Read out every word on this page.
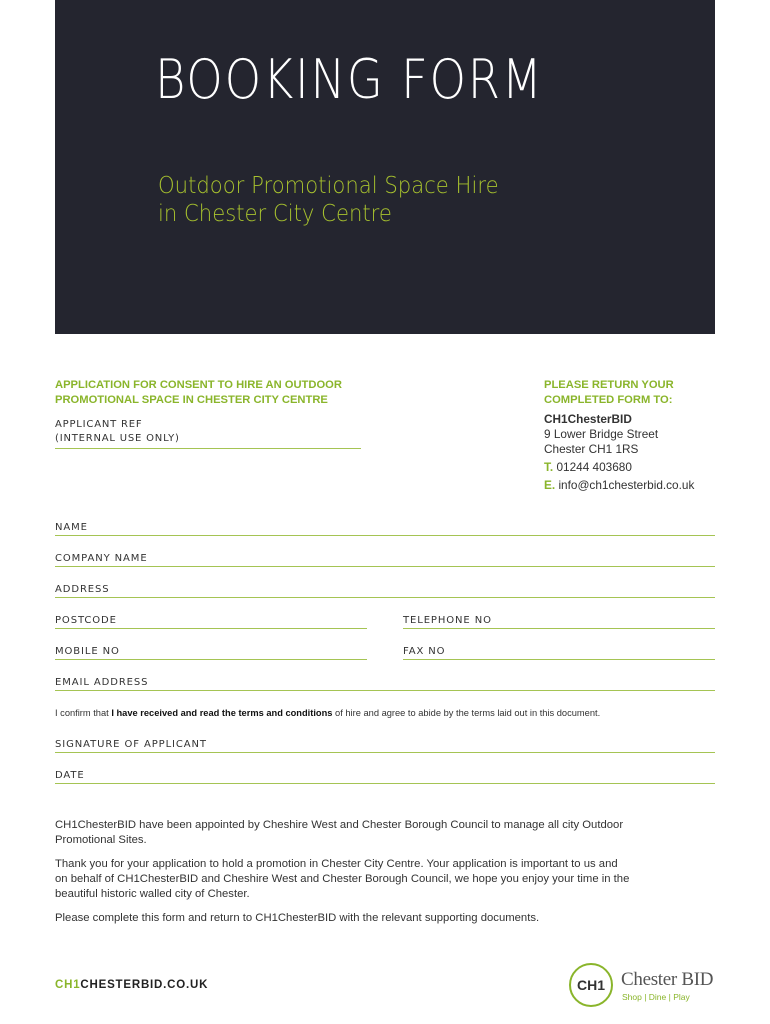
BOOKING FORM
Outdoor Promotional Space Hire
in Chester City Centre
APPLICATION FOR CONSENT TO HIRE AN OUTDOOR
PROMOTIONAL SPACE IN CHESTER CITY CENTRE
APPLICANT REF
(INTERNAL USE ONLY)
PLEASE RETURN YOUR
COMPLETED FORM TO:
CH1ChesterBID
9 Lower Bridge Street
Chester CH1 1RS
T. 01244 403680
E. info@ch1chesterbid.co.uk
NAME
COMPANY NAME
ADDRESS
POSTCODE	TELEPHONE NO
MOBILE NO	FAX NO
EMAIL ADDRESS
I confirm that I have received and read the terms and conditions of hire and agree to abide by the terms laid out in this document.
SIGNATURE OF APPLICANT
DATE
CH1ChesterBID have been appointed by Cheshire West and Chester Borough Council to manage all city Outdoor
Promotional Sites.
Thank you for your application to hold a promotion in Chester City Centre. Your application is important to us and
on behalf of CH1ChesterBID and Cheshire West and Chester Borough Council, we hope you enjoy your time in the
beautiful historic walled city of Chester.
Please complete this form and return to CH1ChesterBID with the relevant supporting documents.
CH1CHESTERBID.CO.UK	CH1 Chester BID
Shop | Dine | Play
